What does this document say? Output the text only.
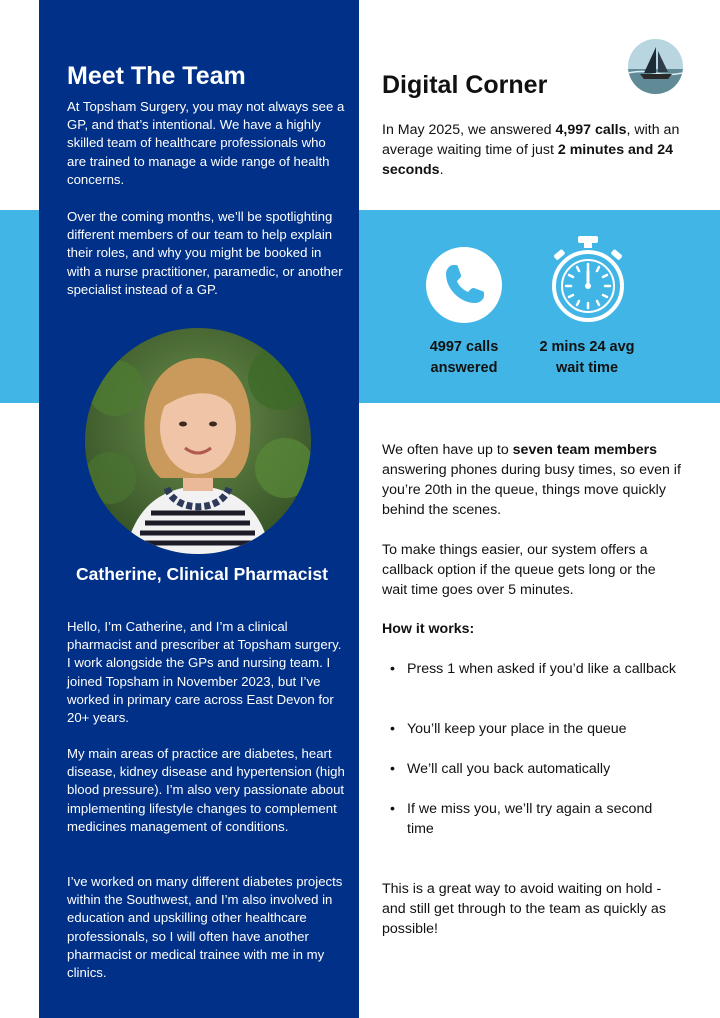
Meet The Team

At Topsham Surgery, you may not always see a GP, and that’s intentional. We have a highly skilled team of healthcare professionals who are trained to manage a wide range of health concerns.

Over the coming months, we’ll be spotlighting different members of our team to help explain their roles, and why you might be booked in with a nurse practitioner, paramedic, or another specialist instead of a GP.

Catherine, Clinical Pharmacist

Hello, I’m Catherine, and I’m a clinical pharmacist and prescriber at Topsham surgery. I work alongside the GPs and nursing team. I joined Topsham in November 2023, but I’ve worked in primary care across East Devon for 20+ years.

My main areas of practice are diabetes, heart disease, kidney disease and hypertension (high blood pressure). I’m also very passionate about implementing lifestyle changes to complement medicines management of conditions.

I’ve worked on many different diabetes projects within the Southwest, and I’m also involved in education and upskilling other healthcare professionals, so I will often have another pharmacist or medical trainee with me in my clinics.

Digital Corner

In May 2025, we answered 4,997 calls, with an average waiting time of just 2 minutes and 24 seconds.

4997 calls answered
2 mins 24 avg wait time

We often have up to seven team members answering phones during busy times, so even if you’re 20th in the queue, things move quickly behind the scenes.

To make things easier, our system offers a callback option if the queue gets long or the wait time goes over 5 minutes.

How it works:
• Press 1 when asked if you’d like a callback
• You’ll keep your place in the queue
• We’ll call you back automatically
• If we miss you, we’ll try again a second time

This is a great way to avoid waiting on hold - and still get through to the team as quickly as possible!
